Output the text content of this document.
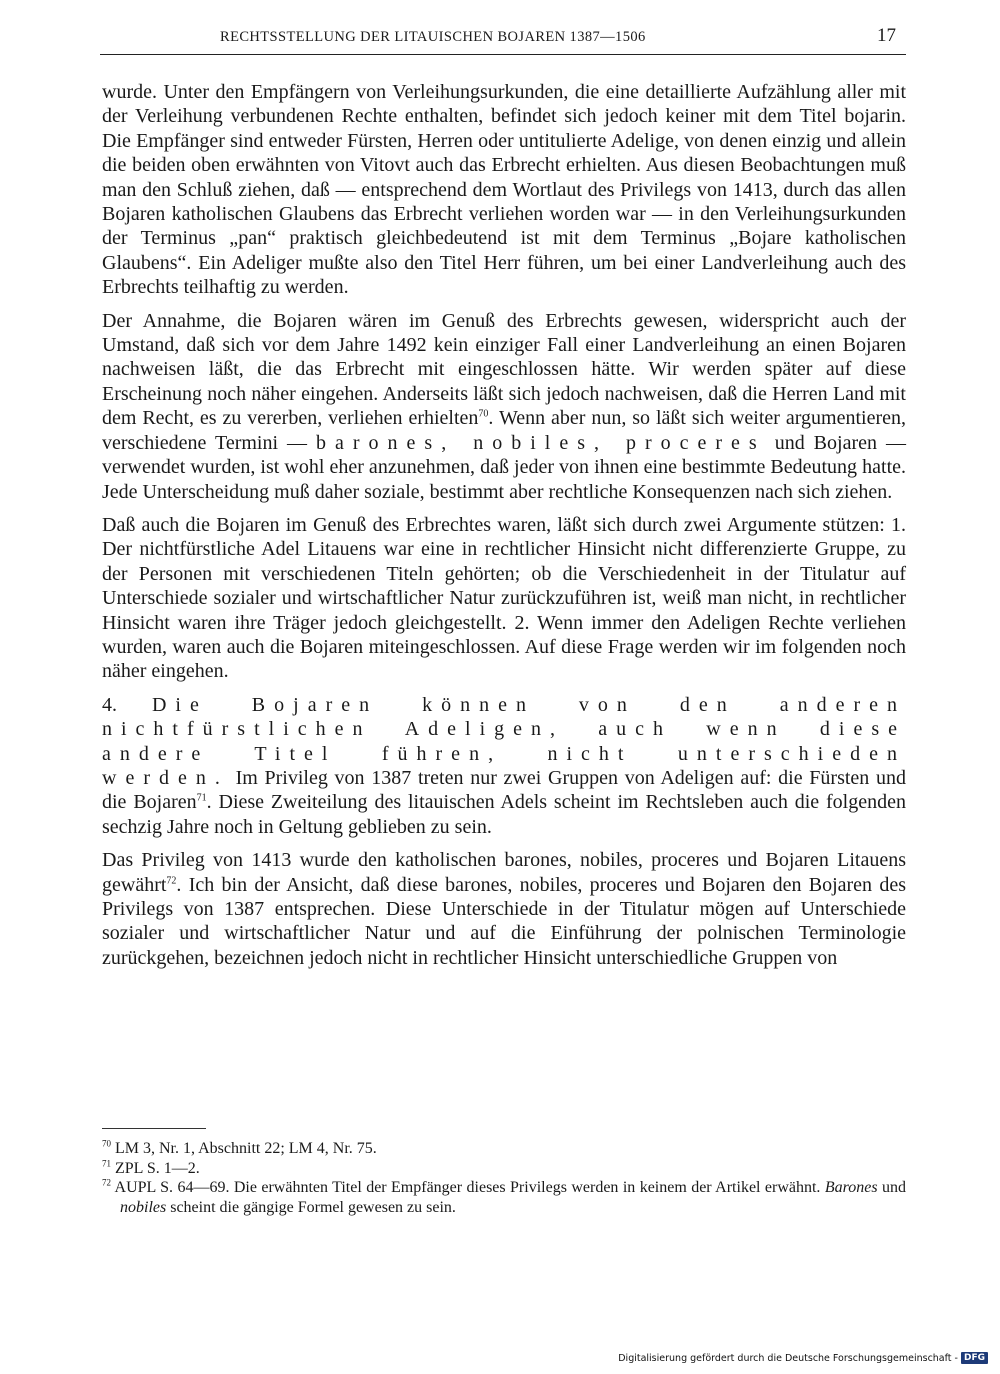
RECHTSSTELLUNG DER LITAUISCHEN BOJAREN 1387—1506	17

wurde. Unter den Empfängern von Verleihungsurkunden, die eine detaillierte Aufzählung aller mit der Verleihung verbundenen Rechte enthalten, befindet sich jedoch keiner mit dem Titel bojarin. Die Empfänger sind entweder Fürsten, Herren oder untitulierte Adelige, von denen einzig und allein die beiden oben erwähnten von Vitovt auch das Erbrecht erhielten. Aus diesen Beobachtungen muß man den Schluß ziehen, daß — entsprechend dem Wortlaut des Privilegs von 1413, durch das allen Bojaren katholischen Glaubens das Erbrecht verliehen worden war — in den Verleihungsurkunden der Terminus „pan“ praktisch gleichbedeutend ist mit dem Terminus „Bojare katholischen Glaubens“. Ein Adeliger mußte also den Titel Herr führen, um bei einer Landverleihung auch des Erbrechts teilhaftig zu werden.

Der Annahme, die Bojaren wären im Genuß des Erbrechts gewesen, widerspricht auch der Umstand, daß sich vor dem Jahre 1492 kein einziger Fall einer Landverleihung an einen Bojaren nachweisen läßt, die das Erbrecht mit eingeschlossen hätte. Wir werden später auf diese Erscheinung noch näher eingehen. Anderseits läßt sich jedoch nachweisen, daß die Herren Land mit dem Recht, es zu vererben, verliehen erhielten$^{70}$. Wenn aber nun, so läßt sich weiter argumentieren, verschiedene Termini — barones, nobiles, proceres und Bojaren — verwendet wurden, ist wohl eher anzunehmen, daß jeder von ihnen eine bestimmte Bedeutung hatte. Jede Unterscheidung muß daher soziale, bestimmt aber rechtliche Konsequenzen nach sich ziehen.

Daß auch die Bojaren im Genuß des Erbrechtes waren, läßt sich durch zwei Argumente stützen: 1. Der nichtfürstliche Adel Litauens war eine in rechtlicher Hinsicht nicht differenzierte Gruppe, zu der Personen mit verschiedenen Titeln gehörten; ob die Verschiedenheit in der Titulatur auf Unterschiede sozialer und wirtschaftlicher Natur zurückzuführen ist, weiß man nicht, in rechtlicher Hinsicht waren ihre Träger jedoch gleichgestellt. 2. Wenn immer den Adeligen Rechte verliehen wurden, waren auch die Bojaren miteingeschlossen. Auf diese Frage werden wir im folgenden noch näher eingehen.

4. Die Bojaren können von den anderen nichtfürstlichen Adeligen, auch wenn diese andere Titel führen, nicht unterschieden werden. Im Privileg von 1387 treten nur zwei Gruppen von Adeligen auf: die Fürsten und die Bojaren$^{71}$. Diese Zweiteilung des litauischen Adels scheint im Rechtsleben auch die folgenden sechzig Jahre noch in Geltung geblieben zu sein.

Das Privileg von 1413 wurde den katholischen barones, nobiles, proceres und Bojaren Litauens gewährt$^{72}$. Ich bin der Ansicht, daß diese barones, nobiles, proceres und Bojaren den Bojaren des Privilegs von 1387 entsprechen. Diese Unterschiede in der Titulatur mögen auf Unterschiede sozialer und wirtschaftlicher Natur und auf die Einführung der polnischen Terminologie zurückgehen, bezeichnen jedoch nicht in rechtlicher Hinsicht unterschiedliche Gruppen von

$^{70}$ LM 3, Nr. 1, Abschnitt 22; LM 4, Nr. 75.

$^{71}$ ZPL S. 1—2.

$^{72}$ AUPL S. 64—69. Die erwähnten Titel der Empfänger dieses Privilegs werden in keinem der Artikel erwähnt. Barones und nobiles scheint die gängige Formel gewesen zu sein.

Digitalisierung gefördert durch die Deutsche Forschungsgemeinschaft - DFG
